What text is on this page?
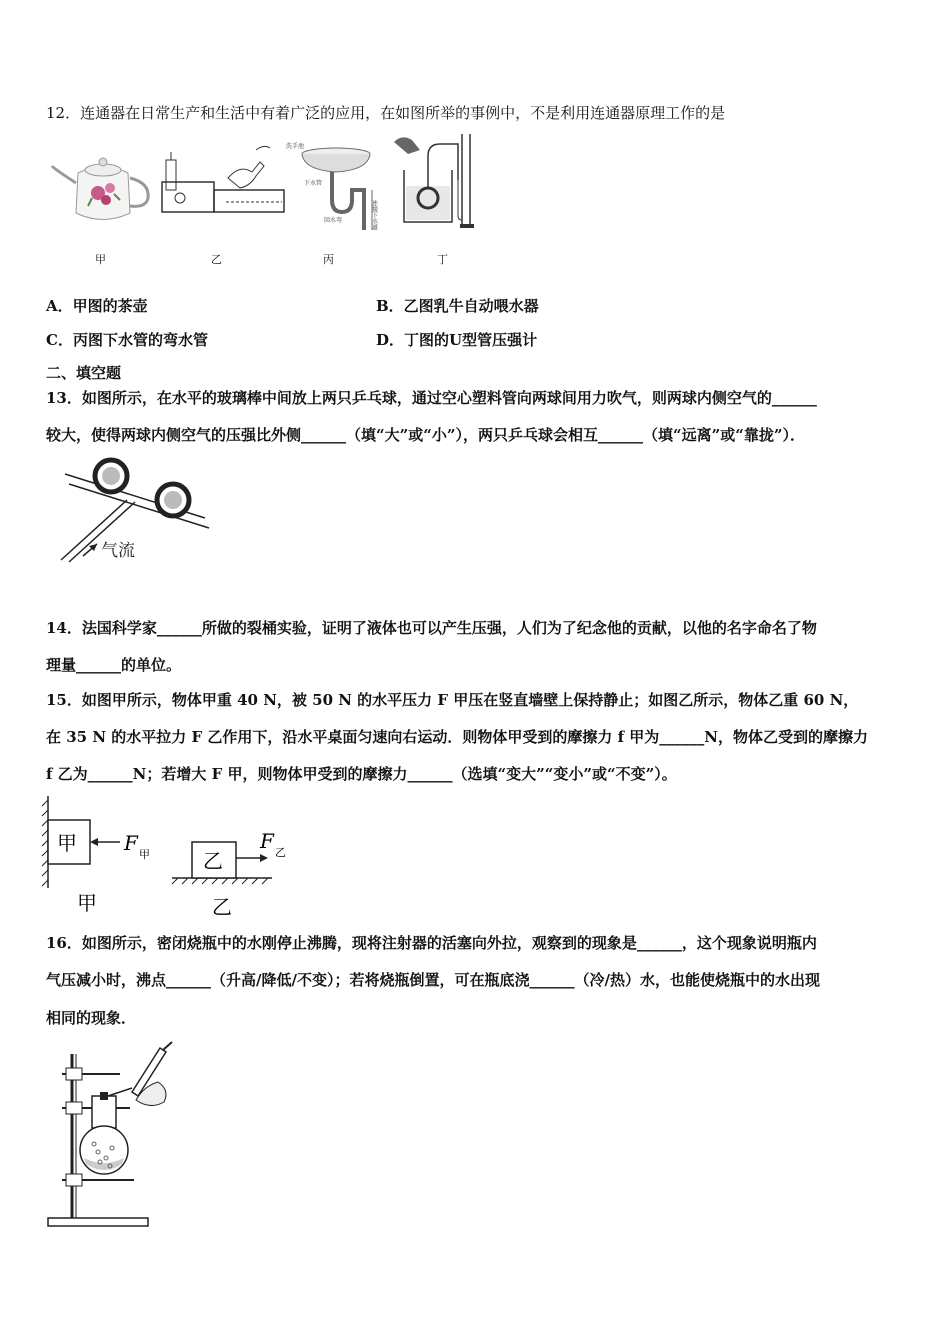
12．连通器在日常生产和生活中有着广泛的应用，在如图所举的事例中，不是利用连通器原理工作的是
洗手池
下水管
回水弯	连接下水道
甲	乙	丙	丁
A．甲图的茶壶	B．乙图乳牛自动喂水器
C．丙图下水管的弯水管	D．丁图的U型管压强计
二、填空题
13．如图所示，在水平的玻璃棒中间放上两只乒乓球，通过空心塑料管向两球间用力吹气，则两球内侧空气的______
较大，使得两球内侧空气的压强比外侧______（填“大”或“小”），两只乒乓球会相互______（填“远离”或“靠拢”）．
气流
14．法国科学家______所做的裂桶实验，证明了液体也可以产生压强，人们为了纪念他的贡献，以他的名字命名了物
理量______的单位。
15．如图甲所示，物体甲重 40 N，被 50 N 的水平压力 F 甲压在竖直墙壁上保持静止；如图乙所示，物体乙重 60 N，
在 35 N 的水平拉力 F 乙作用下，沿水平桌面匀速向右运动．则物体甲受到的摩擦力 f 甲为______N，物体乙受到的摩擦力
f 乙为______N；若增大 F 甲，则物体甲受到的摩擦力______（选填“变大”“变小”或“不变”）。
甲 F 甲
甲
乙
F 乙
乙
16．如图所示，密闭烧瓶中的水刚停止沸腾，现将注射器的活塞向外拉，观察到的现象是______，这个现象说明瓶内
气压减小时，沸点______（升高/降低/不变）；若将烧瓶倒置，可在瓶底浇______（冷/热）水，也能使烧瓶中的水出现
相同的现象．
